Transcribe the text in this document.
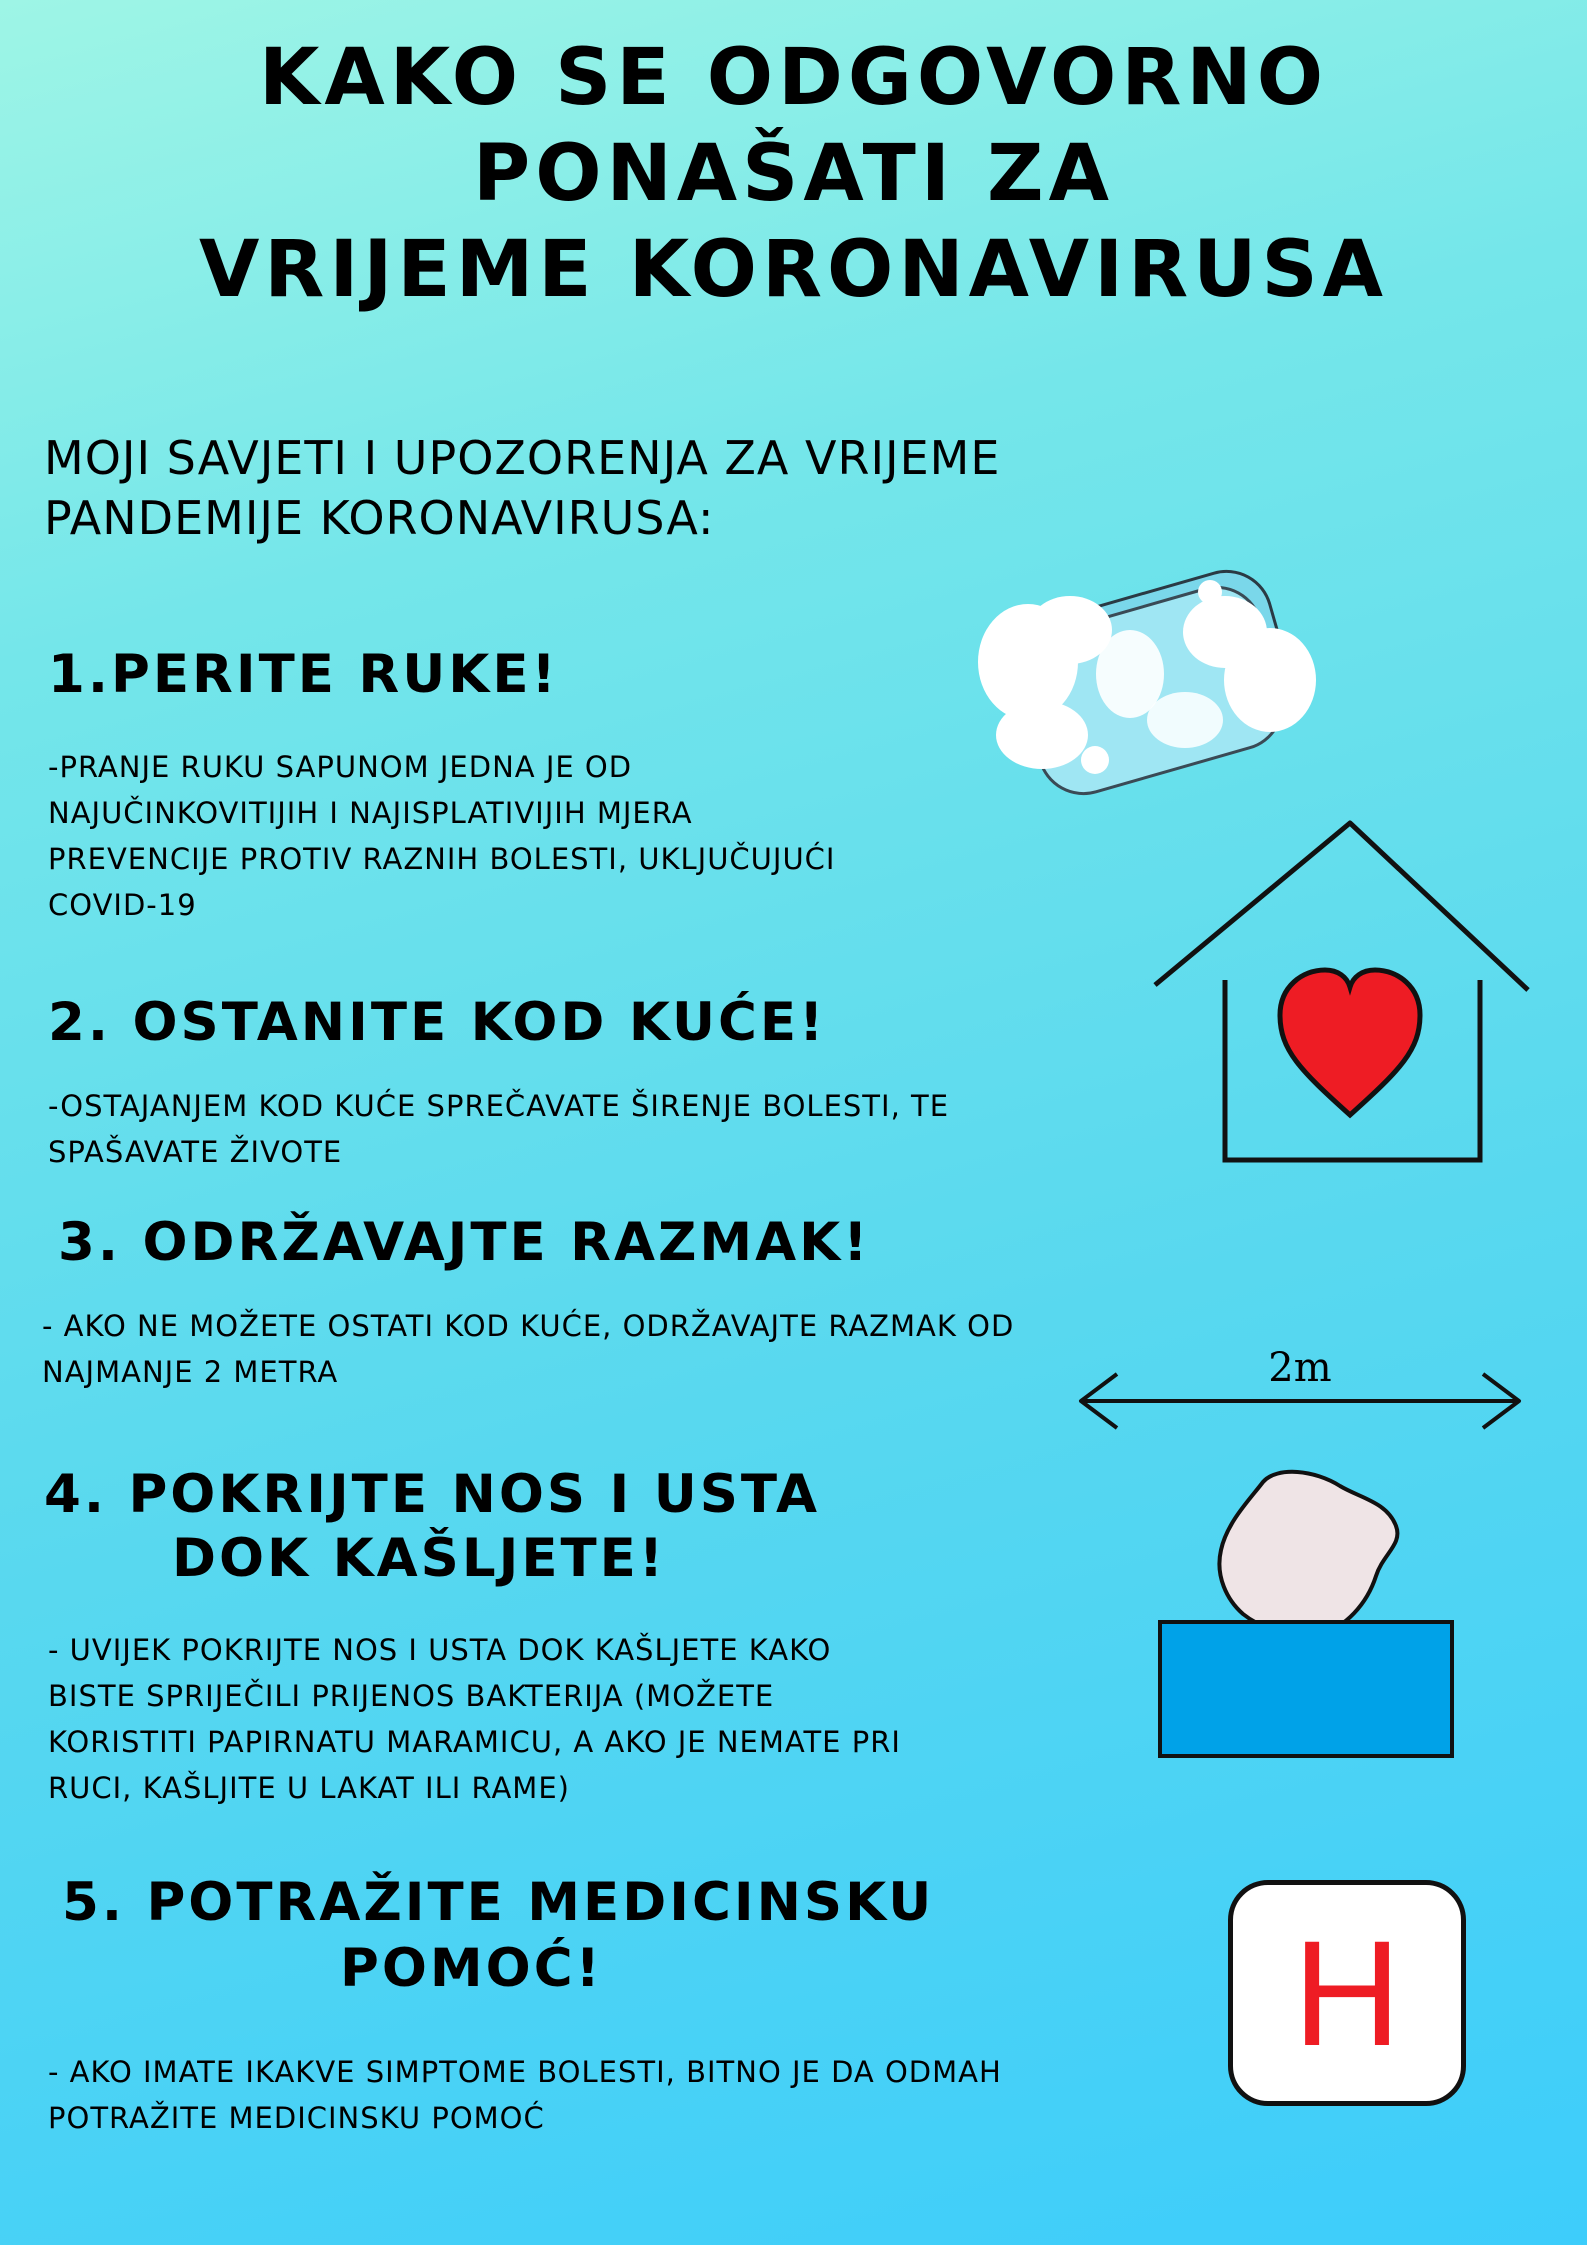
KAKO SE ODGOVORNO
PONAŠATI ZA
VRIJEME KORONAVIRUSA
MOJI SAVJETI I UPOZORENJA ZA VRIJEME
PANDEMIJE KORONAVIRUSA:
1.PERITE RUKE!

-PRANJE RUKU SAPUNOM JEDNA JE OD
NAJUČINKOVITIJIH I NAJISPLATIVIJIH MJERA
PREVENCIJE PROTIV RAZNIH BOLESTI, UKLJUČUJUĆI
COVID-19

2. OSTANITE KOD KUĆE!

-OSTAJANJEM KOD KUĆE SPREČAVATE ŠIRENJE BOLESTI, TE
SPAŠAVATE ŽIVOTE

3. ODRŽAVAJTE RAZMAK!

- AKO NE MOŽETE OSTATI KOD KUĆE, ODRŽAVAJTE RAZMAK OD
NAJMANJE 2 METRA	2m
4. POKRIJTE NOS I USTA
DOK KAŠLJETE!

- UVIJEK POKRIJTE NOS I USTA DOK KAŠLJETE KAKO
BISTE SPRIJEČILI PRIJENOS BAKTERIJA (MOŽETE
KORISTITI PAPIRNATU MARAMICU, A AKO JE NEMATE PRI
RUCI, KAŠLJITE U LAKAT ILI RAME)

5. POTRAŽITE MEDICINSKU
POMOĆ!

- AKO IMATE IKAKVE SIMPTOME BOLESTI, BITNO JE DA ODMAH
POTRAŽITE MEDICINSKU POMOĆ

H
